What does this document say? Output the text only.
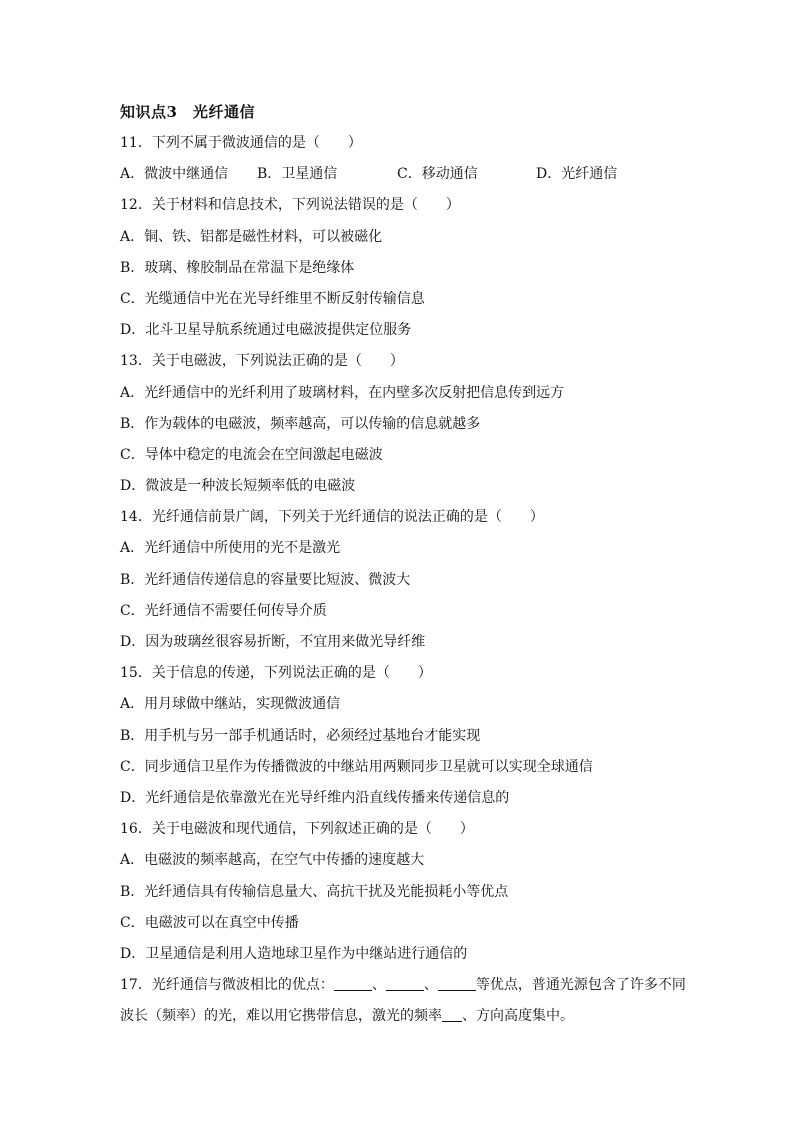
知识点3　光纤通信
11．下列不属于微波通信的是（　　）
A．微波中继通信	B．卫星通信	C．移动通信	D．光纤通信
12．关于材料和信息技术，下列说法错误的是（　　）
A．铜、铁、铝都是磁性材料，可以被磁化
B．玻璃、橡胶制品在常温下是绝缘体
C．光缆通信中光在光导纤维里不断反射传输信息
D．北斗卫星导航系统通过电磁波提供定位服务
13．关于电磁波，下列说法正确的是（　　）
A．光纤通信中的光纤利用了玻璃材料，在内壁多次反射把信息传到远方
B．作为载体的电磁波，频率越高，可以传输的信息就越多
C．导体中稳定的电流会在空间激起电磁波
D．微波是一种波长短频率低的电磁波
14．光纤通信前景广阔，下列关于光纤通信的说法正确的是（　　）
A．光纤通信中所使用的光不是激光
B．光纤通信传递信息的容量要比短波、微波大
C．光纤通信不需要任何传导介质
D．因为玻璃丝很容易折断，不宜用来做光导纤维
15．关于信息的传递，下列说法正确的是（　　）
A．用月球做中继站，实现微波通信
B．用手机与另一部手机通话时，必须经过基地台才能实现
C．同步通信卫星作为传播微波的中继站用两颗同步卫星就可以实现全球通信
D．光纤通信是依靠激光在光导纤维内沿直线传播来传递信息的
16．关于电磁波和现代通信，下列叙述正确的是（　　）
A．电磁波的频率越高，在空气中传播的速度越大
B．光纤通信具有传输信息量大、高抗干扰及光能损耗小等优点
C．电磁波可以在真空中传播
D．卫星通信是利用人造地球卫星作为中继站进行通信的
17．光纤通信与微波相比的优点：	、	、	等优点，普通光源包含了许多不同
波长（频率）的光，难以用它携带信息，激光的频率 、方向高度集中。
